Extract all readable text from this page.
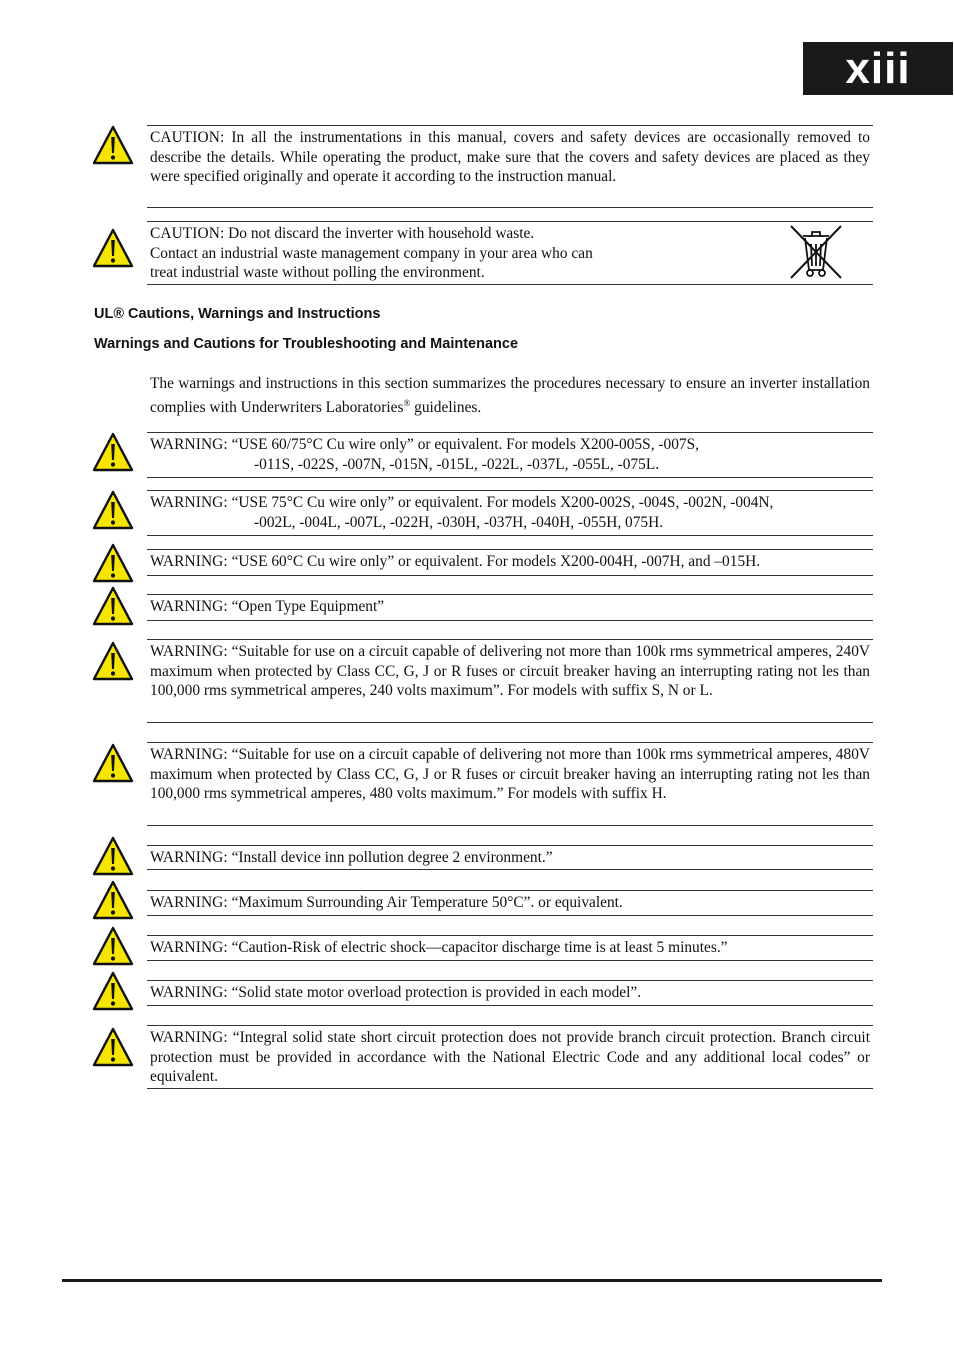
xiii
CAUTION: In all the instrumentations in this manual, covers and safety devices are occasionally removed to describe the details. While operating the product, make sure that the covers and safety devices are placed as they were specified originally and operate it according to the instruction manual.
CAUTION: Do not discard the inverter with household waste.
Contact an industrial waste management company in your area who can
treat industrial waste without polling the environment.
UL® Cautions, Warnings and Instructions
Warnings and Cautions for Troubleshooting and Maintenance
The warnings and instructions in this section summarizes the procedures necessary to ensure an inverter installation complies with Underwriters Laboratories® guidelines.
WARNING: “USE 60/75°C Cu wire only” or equivalent. For models X200-005S, -007S,
-011S, -022S, -007N, -015N, -015L, -022L, -037L, -055L, -075L.
WARNING: “USE 75°C Cu wire only” or equivalent. For models X200-002S, -004S, -002N, -004N,
-002L, -004L, -007L, -022H, -030H, -037H, -040H, -055H, 075H.
WARNING: “USE 60°C Cu wire only” or equivalent. For models X200-004H, -007H, and –015H.
WARNING: “Open Type Equipment”
WARNING: “Suitable for use on a circuit capable of delivering not more than 100k rms symmetrical amperes, 240V maximum when protected by Class CC, G, J or R fuses or circuit breaker having an interrupting rating not les than 100,000 rms symmetrical amperes, 240 volts maximum”. For models with suffix S, N or L.
WARNING: “Suitable for use on a circuit capable of delivering not more than 100k rms symmetrical amperes, 480V maximum when protected by Class CC, G, J or R fuses or circuit breaker having an interrupting rating not les than 100,000 rms symmetrical amperes, 480 volts maximum.” For models with suffix H.
WARNING: “Install device inn pollution degree 2 environment.”
WARNING: “Maximum Surrounding Air Temperature 50°C”. or equivalent.
WARNING: “Caution-Risk of electric shock—capacitor discharge time is at least 5 minutes.”
WARNING: “Solid state motor overload protection is provided in each model”.
WARNING: “Integral solid state short circuit protection does not provide branch circuit protection. Branch circuit protection must be provided in accordance with the National Electric Code and any additional local codes” or equivalent.
